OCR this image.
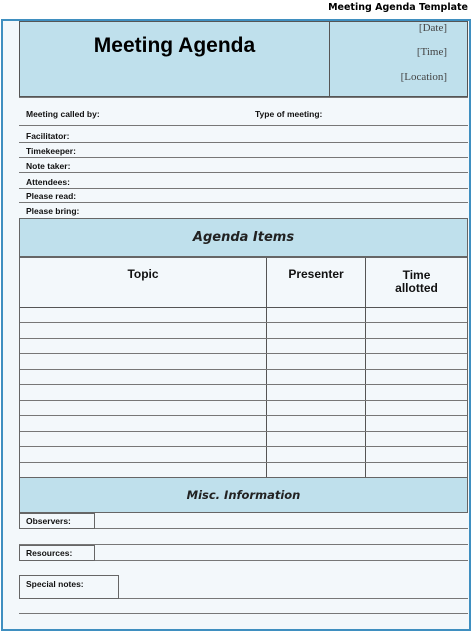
Meeting Agenda Template
Meeting Agenda
[Date]
[Time]
[Location]
Meeting called by:	Type of meeting:
Facilitator:
Timekeeper:
Note taker:
Attendees:
Please read:
Please bring:
Agenda Items
Topic	Presenter	Time
allotted
Misc. Information
Observers:
Resources:
Special notes:
